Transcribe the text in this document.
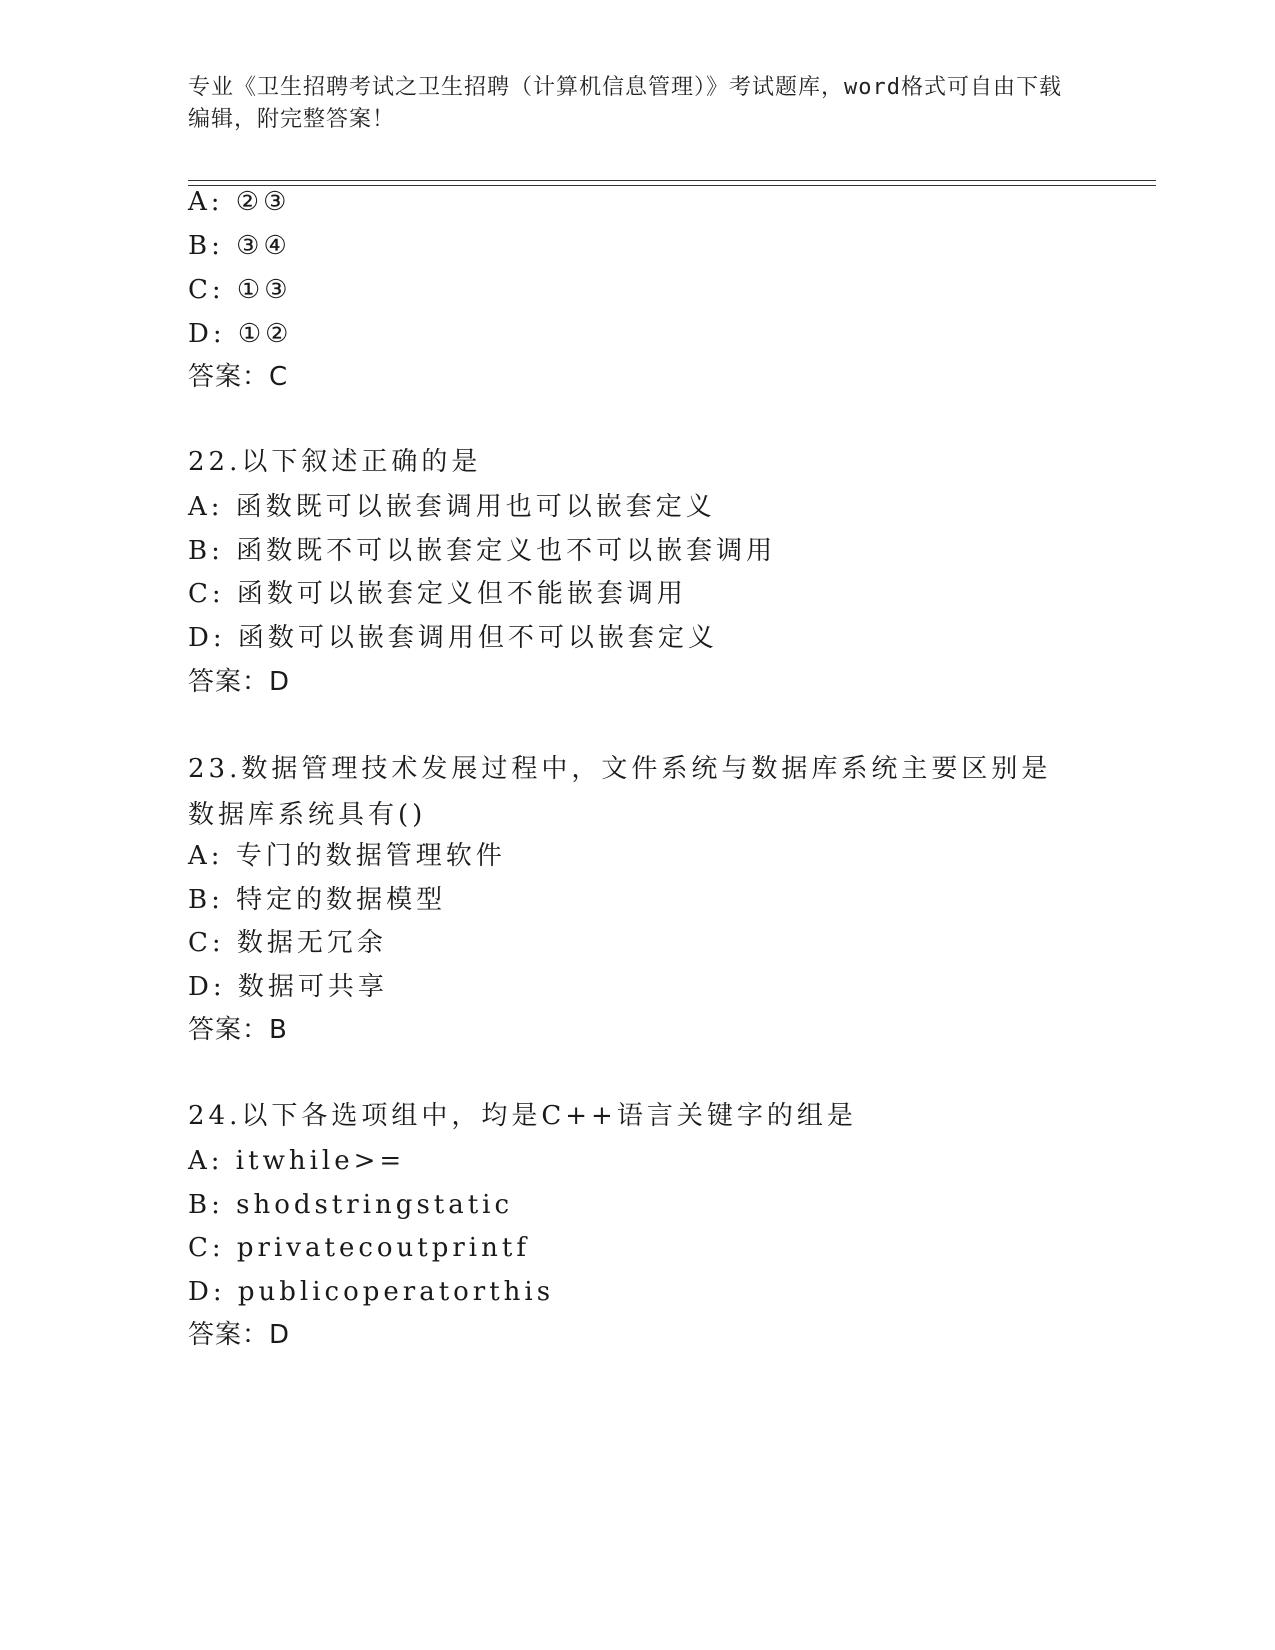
专业《卫生招聘考试之卫生招聘（计算机信息管理）》考试题库，word格式可自由下载编辑，附完整答案！
A: ②③
B: ③④
C: ①③
D: ①②
答案：C
22.以下叙述正确的是
A: 函数既可以嵌套调用也可以嵌套定义
B: 函数既不可以嵌套定义也不可以嵌套调用
C: 函数可以嵌套定义但不能嵌套调用
D: 函数可以嵌套调用但不可以嵌套定义
答案：D
23.数据管理技术发展过程中，文件系统与数据库系统主要区别是数据库系统具有()
A: 专门的数据管理软件
B: 特定的数据模型
C: 数据无冗余
D: 数据可共享
答案：B
24.以下各选项组中，均是C++语言关键字的组是
A: itwhile>=
B: shodstringstatic
C: privatecoutprintf
D: publicoperatorthis
答案：D
